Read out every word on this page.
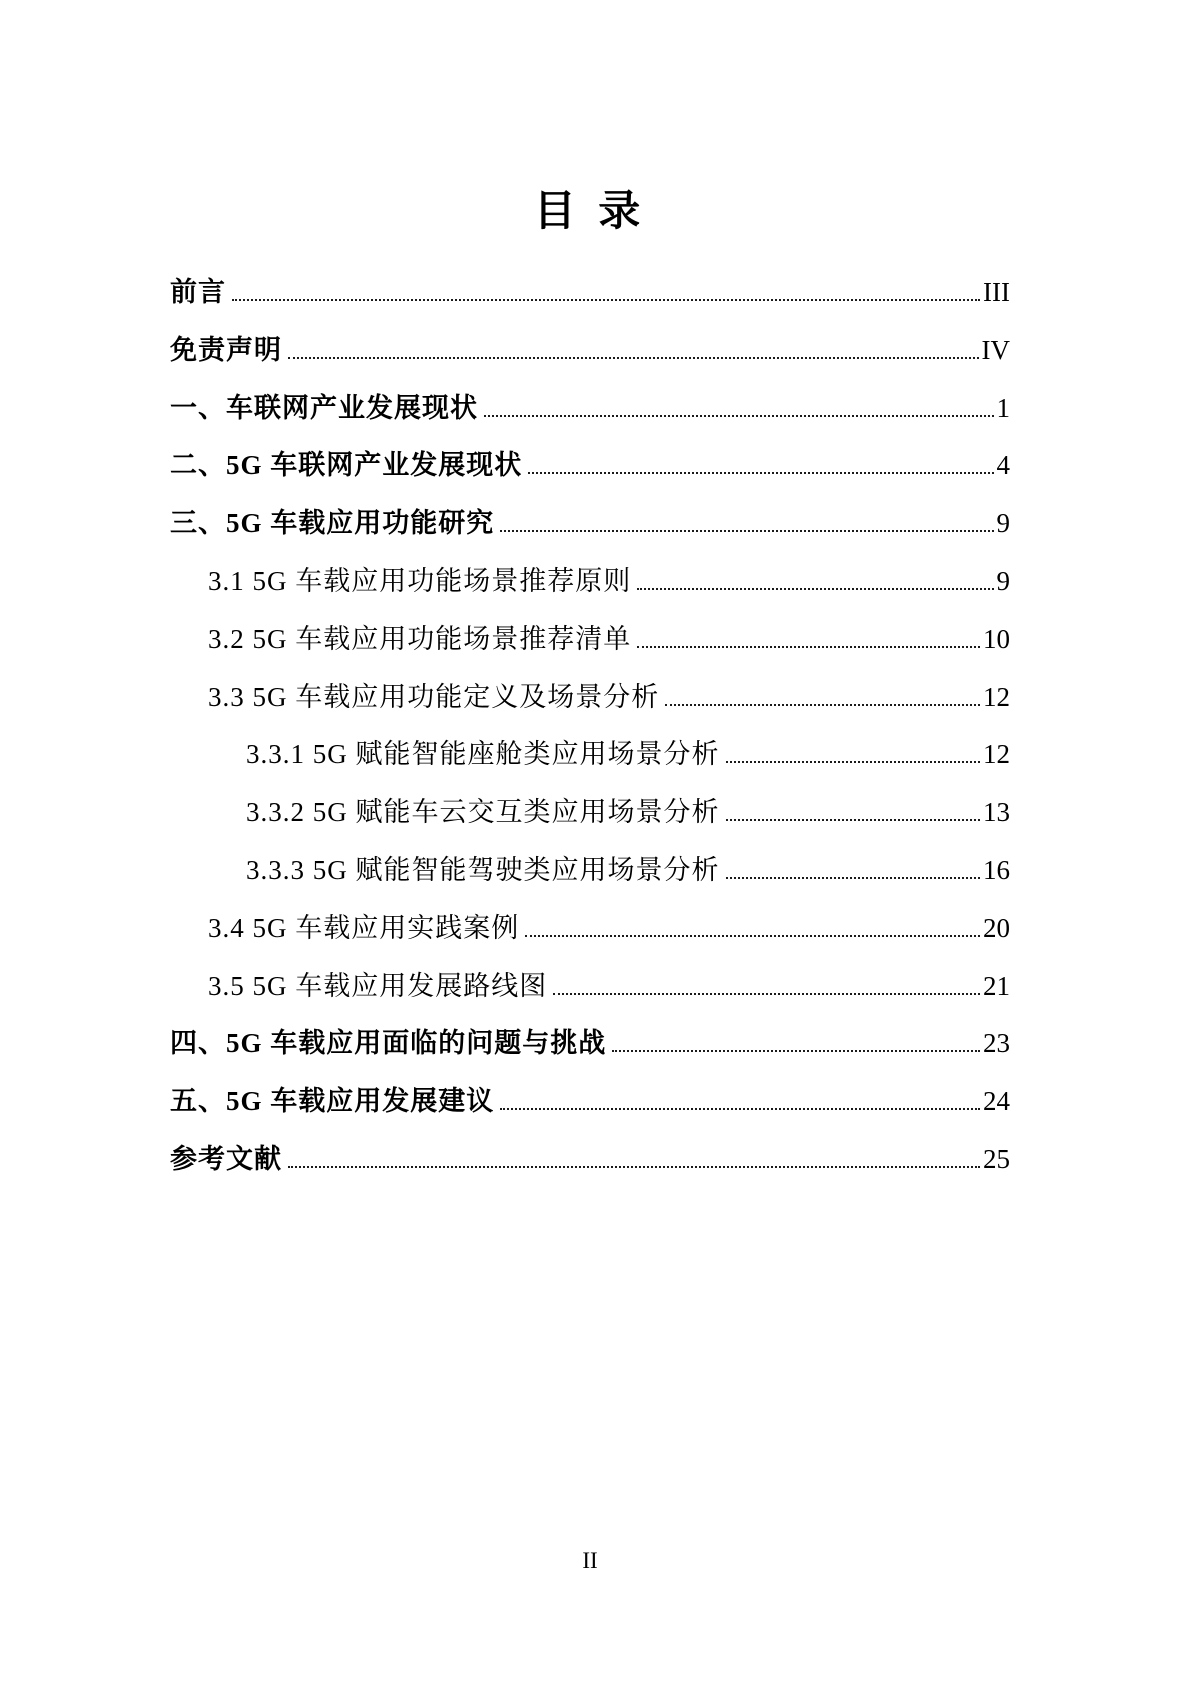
目 录
前言	III
免责声明	IV
一、车联网产业发展现状	1
二、5G 车联网产业发展现状	4
三、5G 车载应用功能研究	9
3.1 5G 车载应用功能场景推荐原则	9
3.2 5G 车载应用功能场景推荐清单	10
3.3 5G 车载应用功能定义及场景分析	12
3.3.1 5G 赋能智能座舱类应用场景分析	12
3.3.2 5G 赋能车云交互类应用场景分析	13
3.3.3 5G 赋能智能驾驶类应用场景分析	16
3.4 5G 车载应用实践案例	20
3.5 5G 车载应用发展路线图	21
四、5G 车载应用面临的问题与挑战	23
五、5G 车载应用发展建议	24
参考文献	25
II
